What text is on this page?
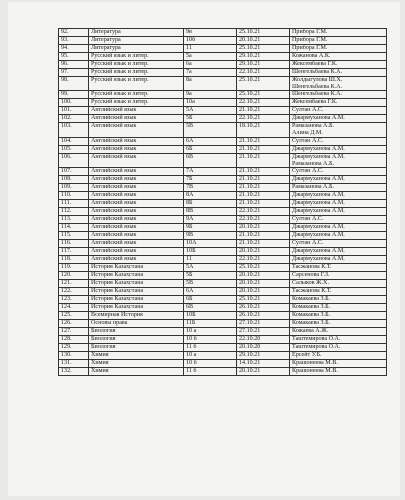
92.	Литература	9в	25.10.21	Прибора Г.М.

93.	Литература	10б	20.10.21	Прибора Г.М.

94.	Литература	11	25.10.21	Прибора Г.М.

95.	Русский язык и литер.	5а	29.10.21	Кожанова А.К.

96.	Русский язык и литер.	6а	29.10.21	Жексембаева Г.К.

97.	Русский язык и литер.	7а	22.10.21	Шенгельбаева К.А.

98.	Русский язык и литер.	8а	25.10.21	Жолдыгулова Ш.Х.
Шенгельбаева К.А.

99.	Русский язык и литер.	9а	25.10.21	Шенгельбаева К.А.

100.	Русский язык и литер.	10а	22.10.21	Жексембаева Г.К.

101.	Английский язык	5А	21.10.21	Султан А.С.

102.	Английский язык	5Б	22.10.21	Джармуханова А.М.

103.	Английский язык	5В	18.10.21	Рамазанова А.Б.
Алина Д.М.

104.	Английский язык	6А	21.10.21	Султан А.С.

105.	Английский язык	6Б	21.10.21	Джармуханова А.М.

106.	Английский язык	6В	21.10.21	Джармуханова А.М.
Рамазанова А.Б.

107.	Английский язык	7А	21.10.21	Султан А.С.

108.	Английский язык	7Б	21.10.21	Джармуханова А.М.

109.	Английский язык	7В	21.10.21	Рамазанова А.Б.

110.	Английский язык	8А	21.10.21	Джармуханова А.М.

111.	Английский язык	8Б	21.10.21	Джармуханова А.М.

112.	Английский язык	8В	22.10.21	Джармуханова А.М.

113.	Английский язык	9А	22.10.21	Султан А.С.

114.	Английский язык	9Б	20.10.21	Джармуханова А.М.

115.	Английский язык	9В	21.10.21	Джармуханова А.М.

116.	Английский язык	10А	21.10.21	Султан А.С.

117.	Английский язык	10Б	20.10.21	Джармуханова А.М.

118.	Английский язык	11	22.10.21	Джармуханова А.М.

119.	История Казахстана	5А	25.10.21	Тасжанова К.Т.

120.	История Казахстана	5Б	20.10.21	Сарсенова Г.З.

121.	История Казахстана	5В	20.10.21	Салыков Ж.Х.

122.	История Казахстана	6А	20.10.21	Тасжанова К.Т.

123.	История Казахстана	6Б	25.10.21	Комакаева З.Б.

124.	История Казахстана	6В	26.10.21	Комакаева З.Б.

125.	Всемирная История	10Б	26.10.21	Комакаева З.Б.

126.	Основы права	11Б	27.10.21	Комакаева З.Б.

127.	Биология	10 а	27.10.21	Кожаева А.Ж.

128.	Биология	10 б	22.10.20	Таштемирова О.А.

129.	Биология	11 б	20.10.20	Таштемирова О.А.

130.	Химия	10 а	29.10.21	Ерсейт У.Б.

131.	Химия	10 б	14.10.21	Крашонеева М.В.

132.	Химия	11 б	20.10.21	Крашонеева М.В.
